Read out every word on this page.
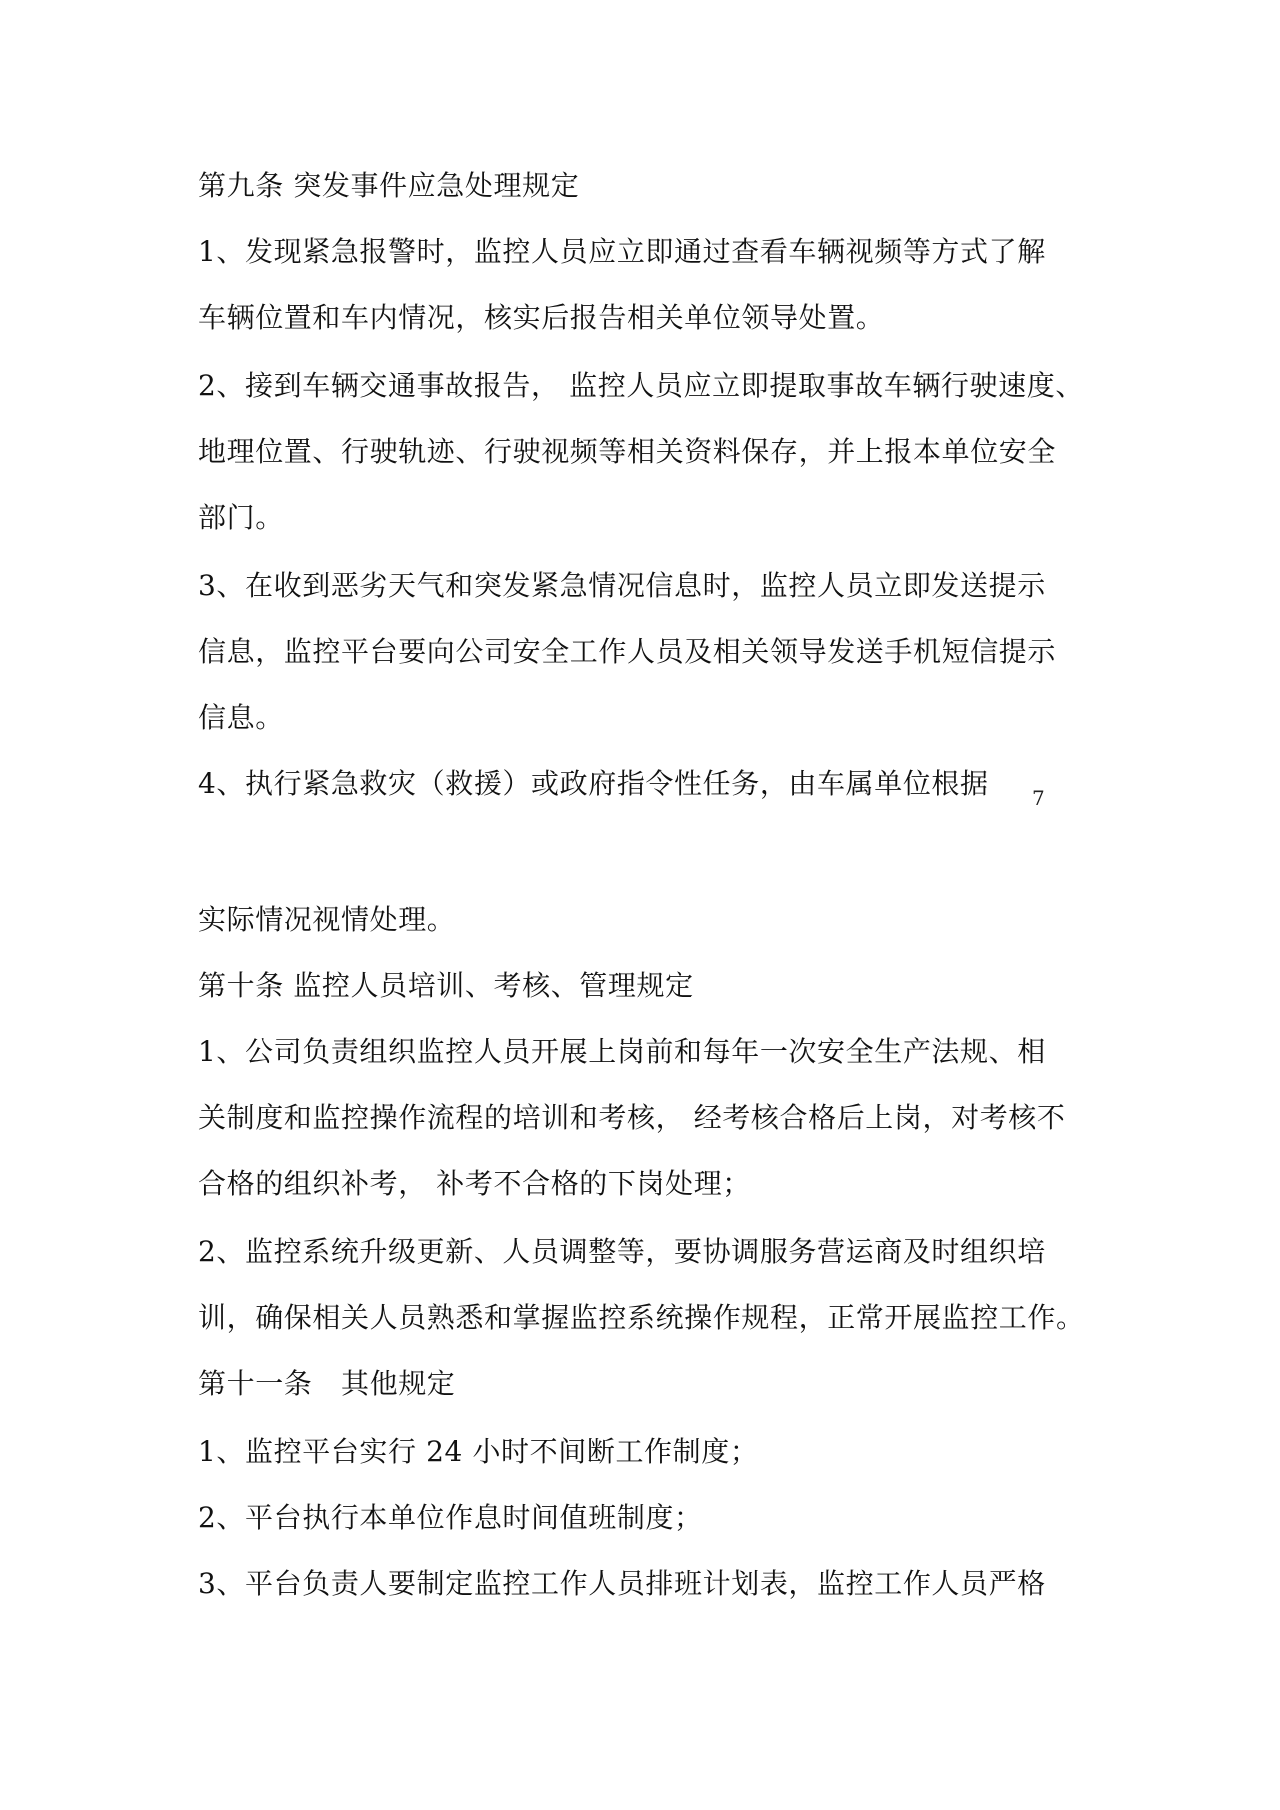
第九条 突发事件应急处理规定
1、发现紧急报警时，监控人员应立即通过查看车辆视频等方式了解
车辆位置和车内情况，核实后报告相关单位领导处置。
2、接到车辆交通事故报告， 监控人员应立即提取事故车辆行驶速度、
地理位置、行驶轨迹、行驶视频等相关资料保存，并上报本单位安全
部门。
3、在收到恶劣天气和突发紧急情况信息时，监控人员立即发送提示
信息，监控平台要向公司安全工作人员及相关领导发送手机短信提示
信息。
4、执行紧急救灾（救援）或政府指令性任务，由车属单位根据 7
实际情况视情处理。
第十条 监控人员培训、考核、管理规定
1、公司负责组织监控人员开展上岗前和每年一次安全生产法规、相
关制度和监控操作流程的培训和考核， 经考核合格后上岗，对考核不
合格的组织补考， 补考不合格的下岗处理；
2、监控系统升级更新、人员调整等，要协调服务营运商及时组织培
训，确保相关人员熟悉和掌握监控系统操作规程，正常开展监控工作。
第十一条　其他规定
1、监控平台实行 24 小时不间断工作制度；
2、平台执行本单位作息时间值班制度；
3、平台负责人要制定监控工作人员排班计划表，监控工作人员严格
